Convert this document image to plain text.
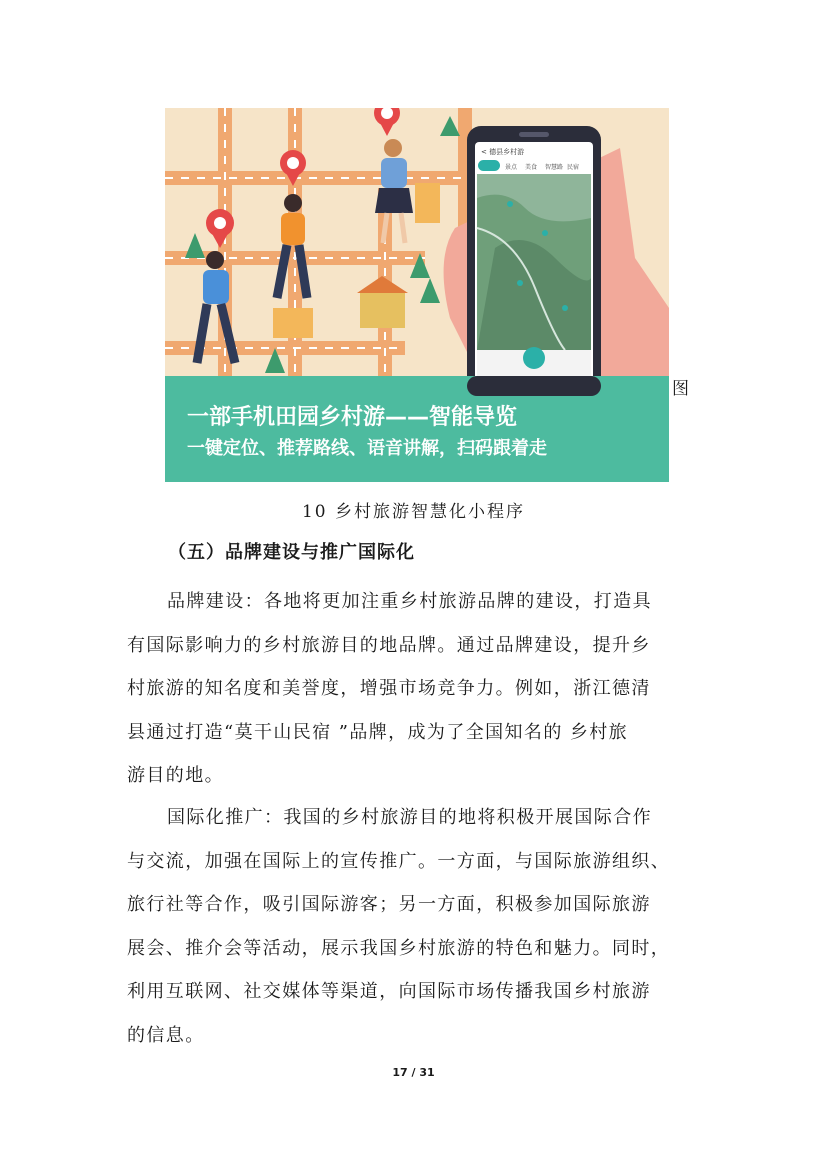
< 德县乡村游
景点 美食 智慧路 民宿
一部手机田园乡村游——智能导览
一键定位、推荐路线、语音讲解，扫码跟着走
图
10 乡村旅游智慧化小程序
（五）品牌建设与推广国际化
品牌建设：各地将更加注重乡村旅游品牌的建设，打造具
有国际影响力的乡村旅游目的地品牌。通过品牌建设，提升乡
村旅游的知名度和美誉度，增强市场竞争力。例如，浙江德清
县通过打造“莫干山民宿 ”品牌，成为了全国知名的 乡村旅
游目的地。
国际化推广：我国的乡村旅游目的地将积极开展国际合作
与交流，加强在国际上的宣传推广。一方面，与国际旅游组织、
旅行社等合作，吸引国际游客；另一方面，积极参加国际旅游
展会、推介会等活动，展示我国乡村旅游的特色和魅力。同时，
利用互联网、社交媒体等渠道，向国际市场传播我国乡村旅游
的信息。
17 / 31
